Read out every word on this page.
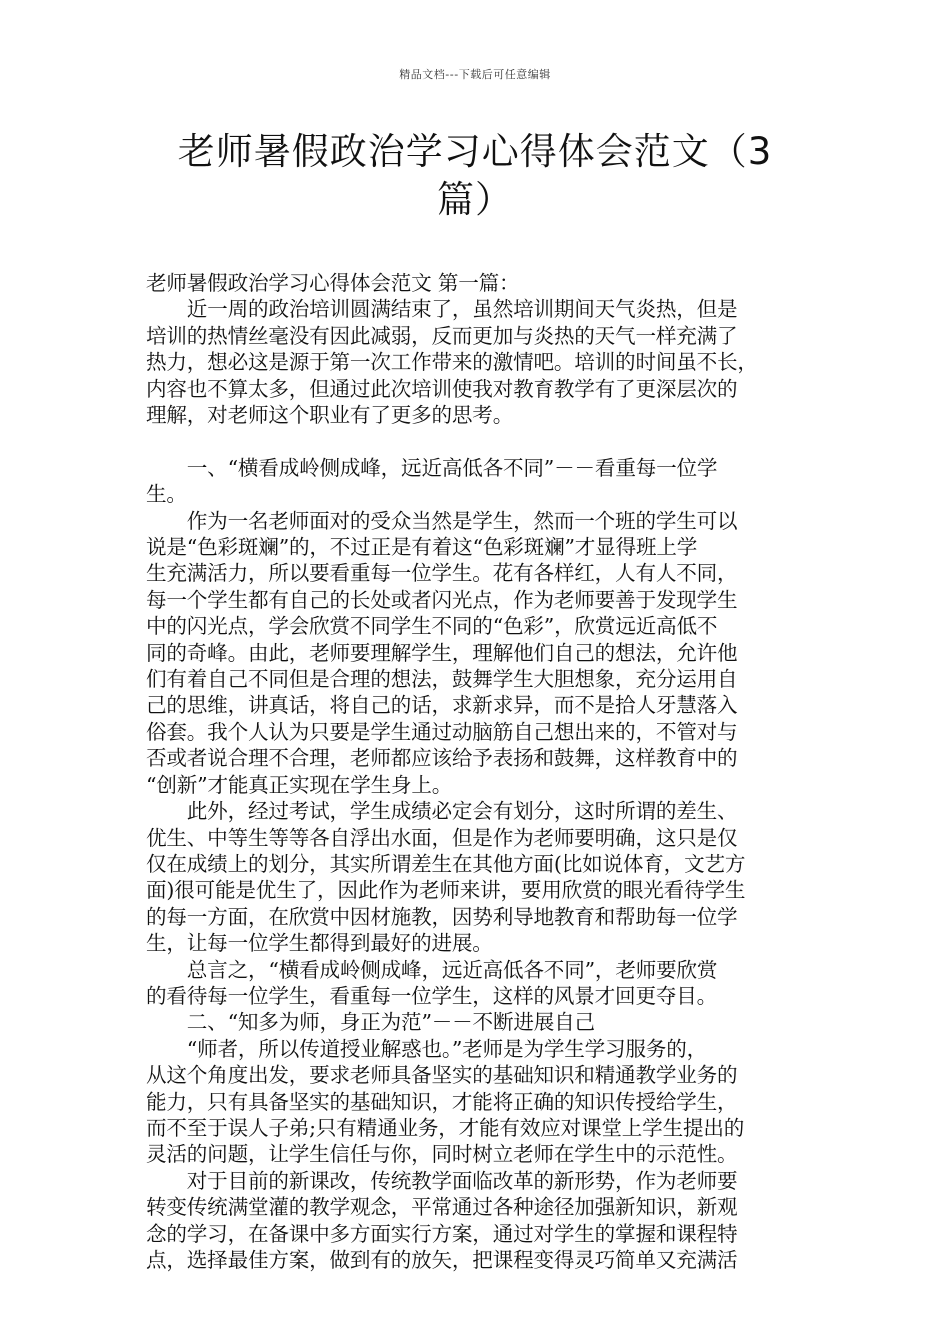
精品文档---下载后可任意编辑
老师暑假政治学习心得体会范文（3
篇）

老师暑假政治学习心得体会范文 第一篇：

　　近一周的政治培训圆满结束了，虽然培训期间天气炎热，但是

培训的热情丝毫没有因此减弱，反而更加与炎热的天气一样充满了

热力，想必这是源于第一次工作带来的激情吧。培训的时间虽不长，

内容也不算太多，但通过此次培训使我对教育教学有了更深层次的

理解，对老师这个职业有了更多的思考。

　　一、“横看成岭侧成峰，远近高低各不同”－－看重每一位学

生。

　　作为一名老师面对的受众当然是学生，然而一个班的学生可以

说是“色彩斑斓”的，不过正是有着这“色彩斑斓”才显得班上学

生充满活力，所以要看重每一位学生。花有各样红，人有人不同，

每一个学生都有自己的长处或者闪光点，作为老师要善于发现学生

中的闪光点，学会欣赏不同学生不同的“色彩”，欣赏远近高低不

同的奇峰。由此，老师要理解学生，理解他们自己的想法，允许他

们有着自己不同但是合理的想法，鼓舞学生大胆想象，充分运用自

己的思维，讲真话，将自己的话，求新求异，而不是拾人牙慧落入

俗套。我个人认为只要是学生通过动脑筋自己想出来的，不管对与

否或者说合理不合理，老师都应该给予表扬和鼓舞，这样教育中的

“创新”才能真正实现在学生身上。

　　此外，经过考试，学生成绩必定会有划分，这时所谓的差生、

优生、中等生等等各自浮出水面，但是作为老师要明确，这只是仅

仅在成绩上的划分，其实所谓差生在其他方面(比如说体育，文艺方

面)很可能是优生了，因此作为老师来讲，要用欣赏的眼光看待学生

的每一方面，在欣赏中因材施教，因势利导地教育和帮助每一位学

生，让每一位学生都得到最好的进展。

　　总言之，“横看成岭侧成峰，远近高低各不同”，老师要欣赏

的看待每一位学生，看重每一位学生，这样的风景才回更夺目。

　　二、“知多为师，身正为范”－－不断进展自己

　　“师者，所以传道授业解惑也。”老师是为学生学习服务的，

从这个角度出发，要求老师具备坚实的基础知识和精通教学业务的

能力，只有具备坚实的基础知识，才能将正确的知识传授给学生，

而不至于误人子弟;只有精通业务，才能有效应对课堂上学生提出的

灵活的问题，让学生信任与你，同时树立老师在学生中的示范性。

　　对于目前的新课改，传统教学面临改革的新形势，作为老师要

转变传统满堂灌的教学观念，平常通过各种途径加强新知识，新观

念的学习，在备课中多方面实行方案，通过对学生的掌握和课程特

点，选择最佳方案，做到有的放矢，把课程变得灵巧简单又充满活
